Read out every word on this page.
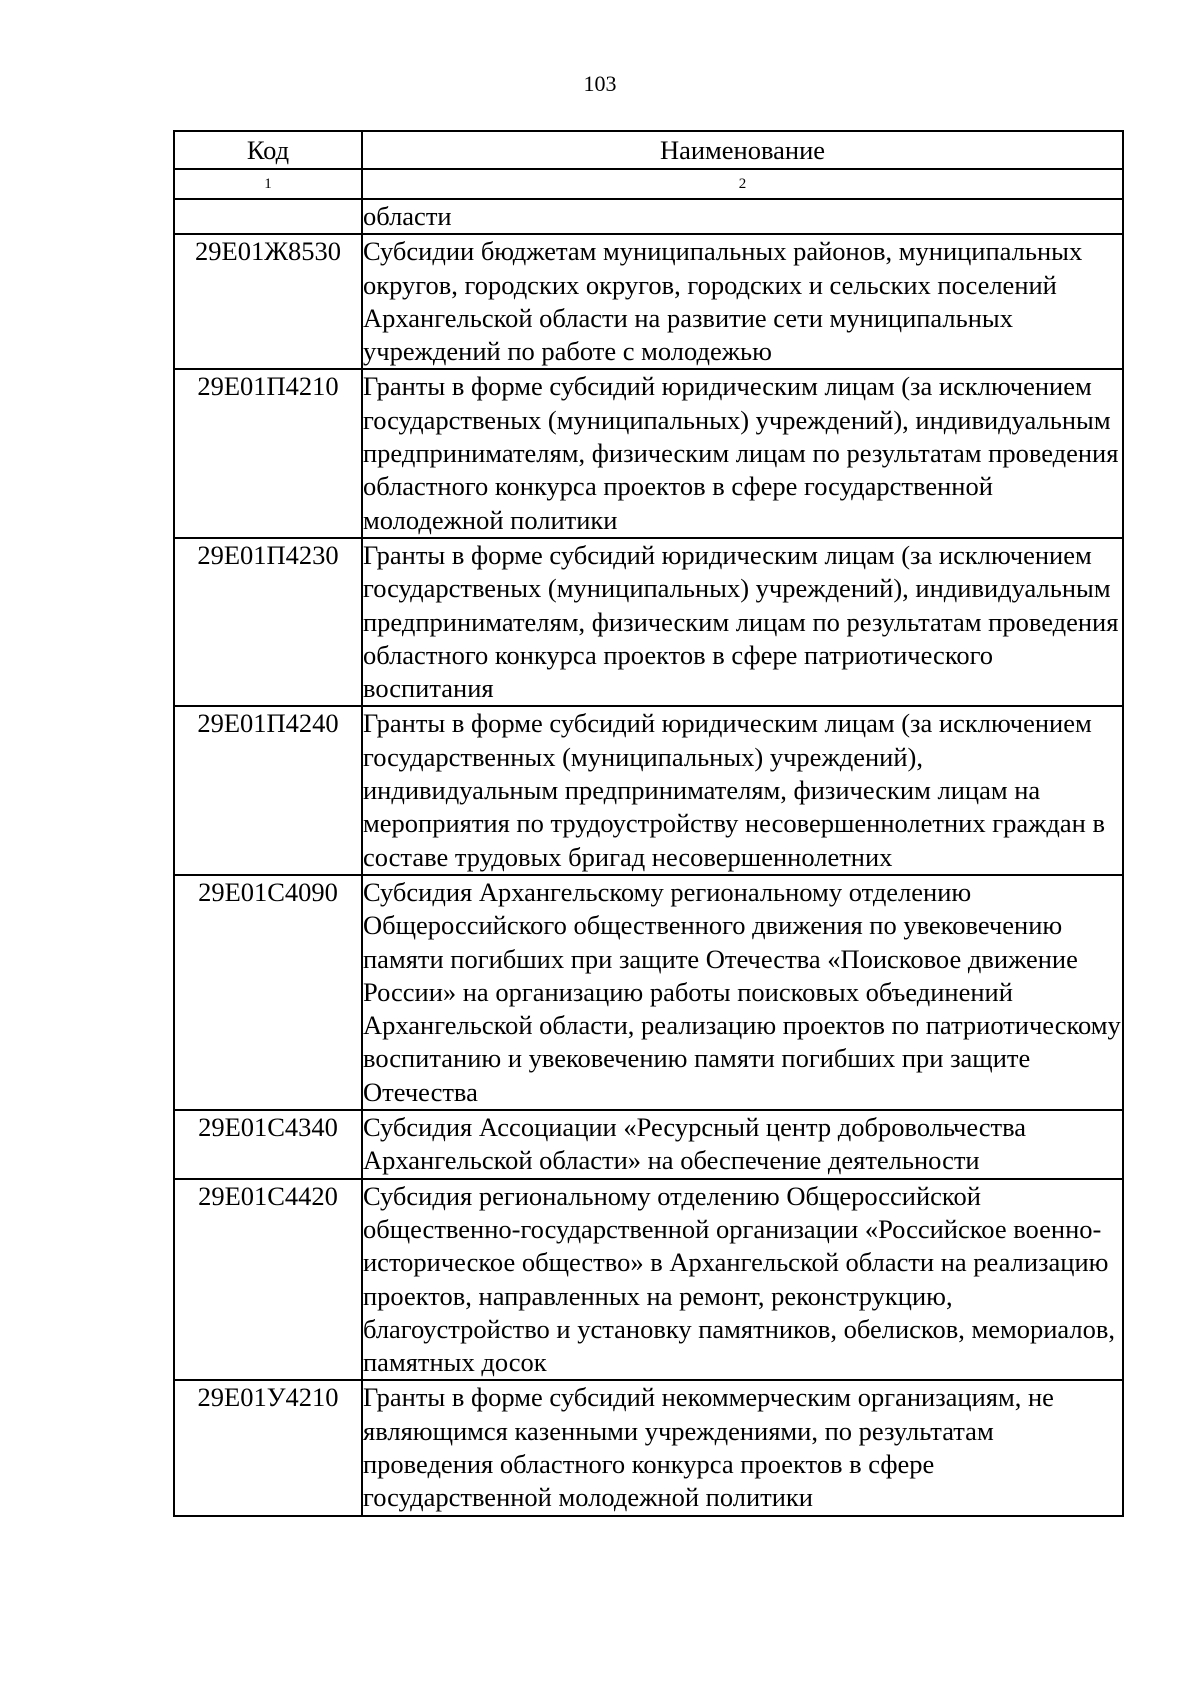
103
Код	Наименование
1	2
	области
29Е01Ж8530	Субсидии бюджетам муниципальных районов, муниципальных округов, городских округов, городских и сельских поселений Архангельской области на развитие сети муниципальных учреждений по работе с молодежью
29Е01П4210	Гранты в форме субсидий юридическим лицам (за исключением государственых (муниципальных) учреждений), индивидуальным предпринимателям, физическим лицам по результатам проведения областного конкурса проектов в сфере государственной молодежной политики
29Е01П4230	Гранты в форме субсидий юридическим лицам (за исключением государственых (муниципальных) учреждений), индивидуальным предпринимателям, физическим лицам по результатам проведения областного конкурса проектов в сфере патриотического воспитания
29Е01П4240	Гранты в форме субсидий юридическим лицам (за исключением государственных (муниципальных) учреждений), индивидуальным предпринимателям, физическим лицам на мероприятия по трудоустройству несовершеннолетних граждан в составе трудовых бригад несовершеннолетних
29Е01С4090	Субсидия Архангельскому региональному отделению Общероссийского общественного движения по увековечению памяти погибших при защите Отечества «Поисковое движение России» на организацию работы поисковых объединений Архангельской области, реализацию проектов по патриотическому воспитанию и увековечению памяти погибших при защите Отечества
29Е01С4340	Субсидия Ассоциации «Ресурсный центр добровольчества Архангельской области» на обеспечение деятельности
29Е01С4420	Субсидия региональному отделению Общероссийской общественно-государственной организации «Российское военно-историческое общество» в Архангельской области на реализацию проектов, направленных на ремонт, реконструкцию, благоустройство и установку памятников, обелисков, мемориалов, памятных досок
29Е01У4210	Гранты в форме субсидий некоммерческим организациям, не являющимся казенными учреждениями, по результатам проведения областного конкурса проектов в сфере государственной молодежной политики
